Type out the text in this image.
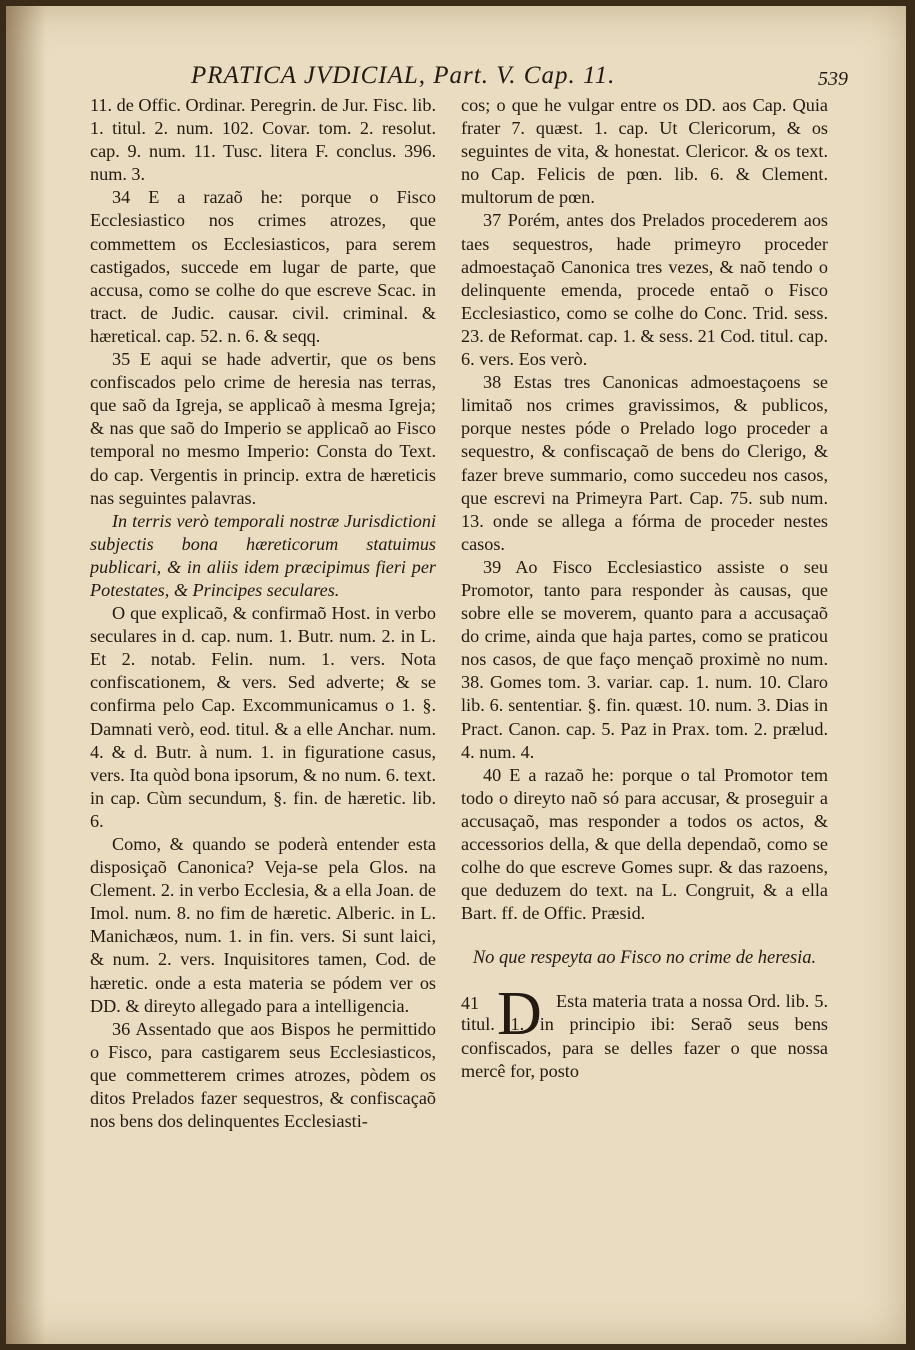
PRATICA JVDICIAL, Part. V. Cap. 11.	539

11. de Offic. Ordinar. Peregrin. de Jur. Fisc. lib. 1. titul. 2. num. 102. Covar. tom. 2. resolut. cap. 9. num. 11. Tusc. litera F. conclus. 396. num. 3.

34 E a razaõ he: porque o Fisco Ecclesiastico nos crimes atrozes, que commettem os Ecclesiasticos, para serem castigados, succede em lugar de parte, que accusa, como se colhe do que escreve Scac. in tract. de Judic. causar. civil. criminal. & hæretical. cap. 52. n. 6. & seqq.

35 E aqui se hade advertir, que os bens confiscados pelo crime de heresia nas terras, que saõ da Igreja, se applicaõ à mesma Igreja; & nas que saõ do Imperio se applicaõ ao Fisco temporal no mesmo Imperio: Consta do Text. do cap. Vergentis in princip. extra de hæreticis nas seguintes palavras.

In terris verò temporali nostræ Jurisdictioni subjectis bona hæreticorum statuimus publicari, & in aliis idem præcipimus fieri per Potestates, & Principes seculares.

O que explicaõ, & confirmaõ Host. in verbo seculares in d. cap. num. 1. Butr. num. 2. in L. Et 2. notab. Felin. num. 1. vers. Nota confiscationem, & vers. Sed adverte; & se confirma pelo Cap. Excommunicamus o 1. §. Damnati verò, eod. titul. & a elle Anchar. num. 4. & d. Butr. à num. 1. in figuratione casus, vers. Ita quòd bona ipsorum, & no num. 6. text. in cap. Cùm secundum, §. fin. de hæretic. lib. 6.

Como, & quando se poderà entender esta disposiçaõ Canonica? Veja-se pela Glos. na Clement. 2. in verbo Ecclesia, & a ella Joan. de Imol. num. 8. no fim de hæretic. Alberic. in L. Manichæos, num. 1. in fin. vers. Si sunt laici, & num. 2. vers. Inquisitores tamen, Cod. de hæretic. onde a esta materia se pódem ver os DD. & direyto allegado para a intelligencia.

36 Assentado que aos Bispos he permittido o Fisco, para castigarem seus Ecclesiasticos, que commetterem crimes atrozes, pòdem os ditos Prelados fazer sequestros, & confiscaçaõ nos bens dos delinquentes Ecclesiasti-

cos; o que he vulgar entre os DD. aos Cap. Quia frater 7. quæst. 1. cap. Ut Clericorum, & os seguintes de vita, & honestat. Clericor. & os text. no Cap. Felicis de pœn. lib. 6. & Clement. multorum de pœn.

37 Porém, antes dos Prelados procederem aos taes sequestros, hade primeyro proceder admoestaçaõ Canonica tres vezes, & naõ tendo o delinquente emenda, procede entaõ o Fisco Ecclesiastico, como se colhe do Conc. Trid. sess. 23. de Reformat. cap. 1. & sess. 21 Cod. titul. cap. 6. vers. Eos verò.

38 Estas tres Canonicas admoestaçoens se limitaõ nos crimes gravissimos, & publicos, porque nestes póde o Prelado logo proceder a sequestro, & confiscaçaõ de bens do Clerigo, & fazer breve summario, como succedeu nos casos, que escrevi na Primeyra Part. Cap. 75. sub num. 13. onde se allega a fórma de proceder nestes casos.

39 Ao Fisco Ecclesiastico assiste o seu Promotor, tanto para responder às causas, que sobre elle se moverem, quanto para a accusaçaõ do crime, ainda que haja partes, como se praticou nos casos, de que faço mençaõ proximè no num. 38. Gomes tom. 3. variar. cap. 1. num. 10. Claro lib. 6. sententiar. §. fin. quæst. 10. num. 3. Dias in Pract. Canon. cap. 5. Paz in Prax. tom. 2. prælud. 4. num. 4.

40 E a razaõ he: porque o tal Promotor tem todo o direyto naõ só para accusar, & proseguir a accusaçaõ, mas responder a todos os actos, & accessorios della, & que della dependaõ, como se colhe do que escreve Gomes supr. & das razoens, que deduzem do text. na L. Congruit, & a ella Bart. ff. de Offic. Præsid.

No que respeyta ao Fisco no crime de heresia.
41 D Esta materia trata a nossa Ord. lib. 5. titul. 1. in principio ibi: Seraõ seus bens confiscados, para se delles fazer o que nossa mercê for, posto
